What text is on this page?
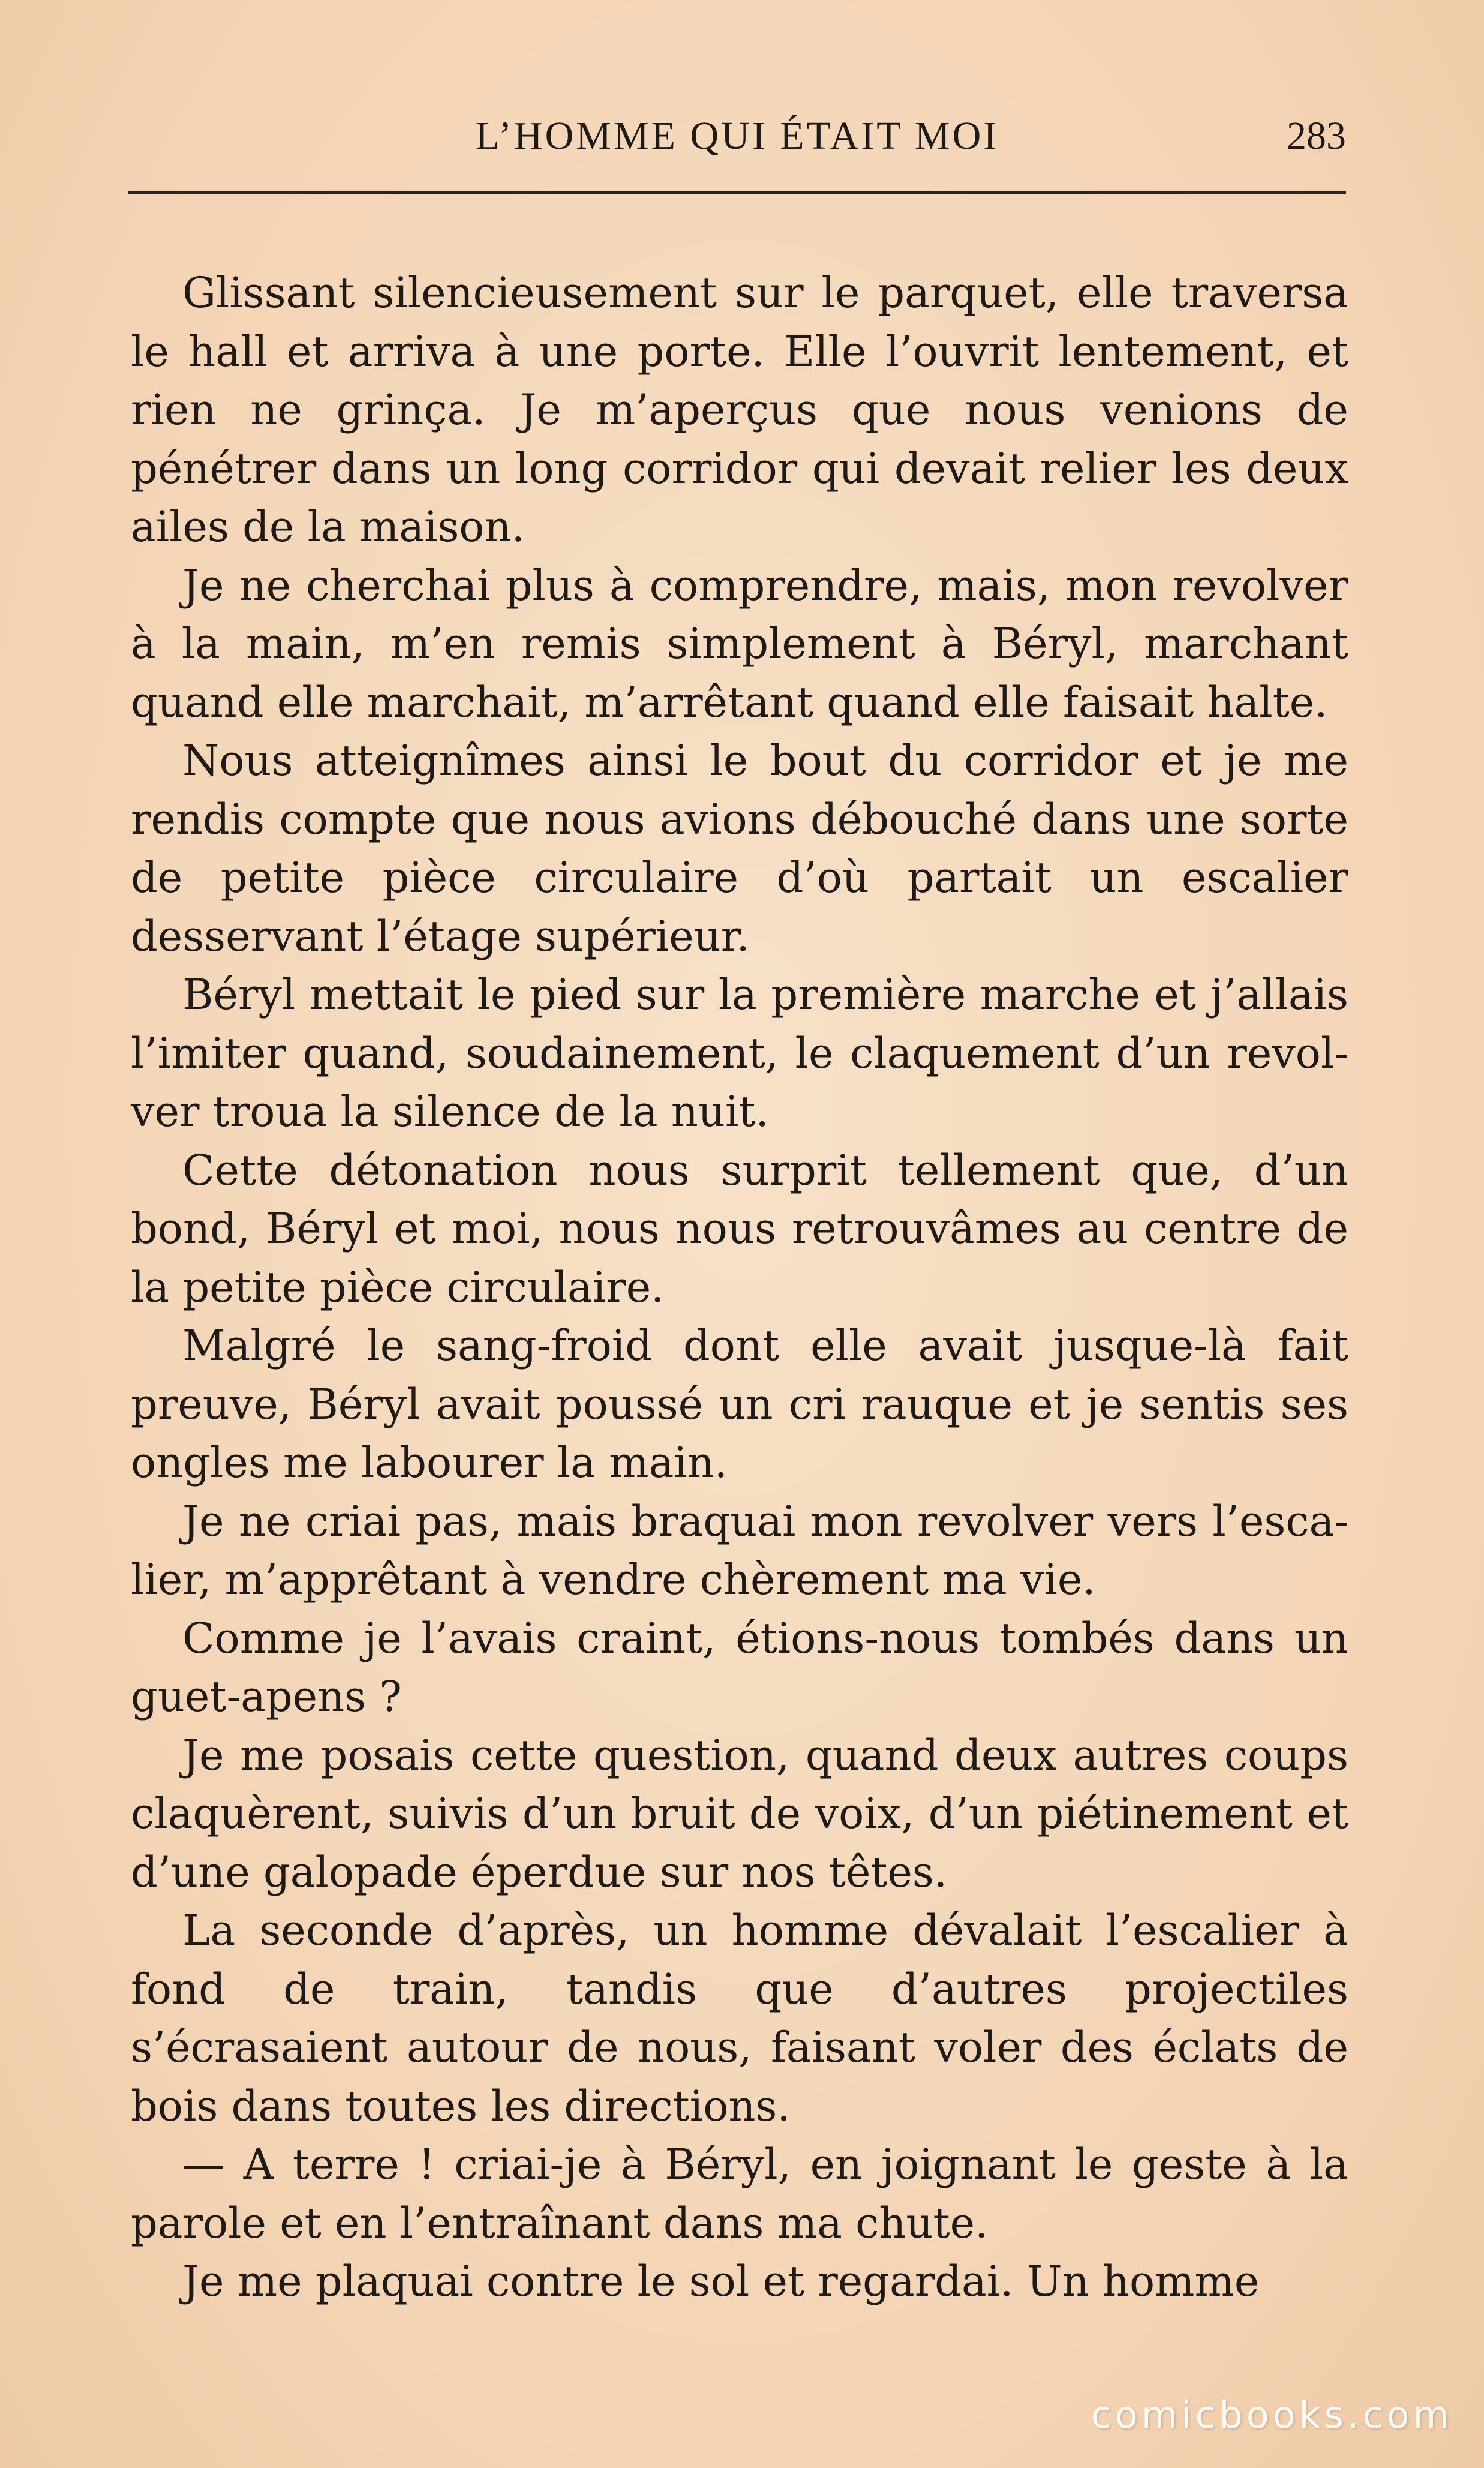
L’HOMME QUI ÉTAIT MOI	283

Glissant silencieusement sur le parquet, elle traversa le hall et arriva à une porte. Elle l’ouvrit lentement, et rien ne grinça. Je m’aperçus que nous venions de pénétrer dans un long corridor qui devait relier les deux ailes de la maison.

Je ne cherchai plus à comprendre, mais, mon revolver à la main, m’en remis simplement à Béryl, marchant quand elle marchait, m’arrêtant quand elle faisait halte.

Nous atteignîmes ainsi le bout du corridor et je me rendis compte que nous avions débouché dans une sorte de petite pièce circulaire d’où partait un escalier desservant l’étage supérieur.

Béryl mettait le pied sur la première marche et j’allais l’imiter quand, soudainement, le claquement d’un revolver troua la silence de la nuit.

Cette détonation nous surprit tellement que, d’un bond, Béryl et moi, nous nous retrouvâmes au centre de la petite pièce circulaire.

Malgré le sang-froid dont elle avait jusque-là fait preuve, Béryl avait poussé un cri rauque et je sentis ses ongles me labourer la main.

Je ne criai pas, mais braquai mon revolver vers l’escalier, m’apprêtant à vendre chèrement ma vie.

Comme je l’avais craint, étions-nous tombés dans un guet-apens ?

Je me posais cette question, quand deux autres coups claquèrent, suivis d’un bruit de voix, d’un piétinement et d’une galopade éperdue sur nos têtes.

La seconde d’après, un homme dévalait l’escalier à fond de train, tandis que d’autres projectiles s’écrasaient autour de nous, faisant voler des éclats de bois dans toutes les directions.

— A terre ! criai-je à Béryl, en joignant le geste à la parole et en l’entraînant dans ma chute.

Je me plaquai contre le sol et regardai. Un homme

comicbooks.com
